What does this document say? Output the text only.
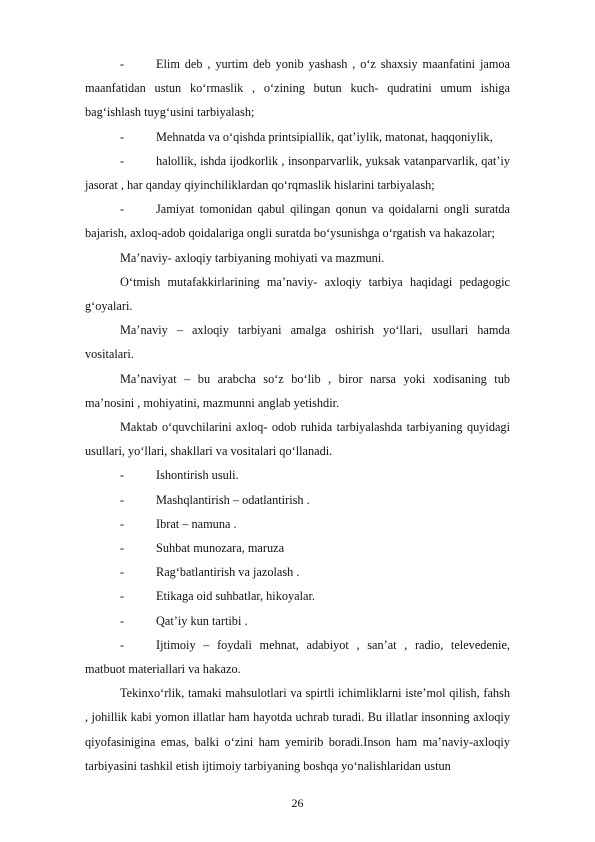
-	Elim deb , yurtim deb yonib yashash , o‘z shaxsiy maanfatini jamoa maanfatidan ustun ko‘rmaslik , o‘zining butun kuch- qudratini umum ishiga bag‘ishlash tuyg‘usini tarbiyalash;
-	Mehnatda va o‘qishda printsipiallik, qat’iylik, matonat, haqqoniylik,
-	halollik, ishda ijodkorlik , insonparvarlik, yuksak vatanparvarlik, qat’iy jasorat , har qanday qiyinchiliklardan qo‘rqmaslik hislarini tarbiyalash;
-	Jamiyat tomonidan qabul qilingan qonun va qoidalarni ongli suratda bajarish, axloq-adob qoidalariga ongli suratda bo‘ysunishga o‘rgatish va hakazolar;

Ma’naviy- axloqiy tarbiyaning mohiyati va mazmuni.

O‘tmish mutafakkirlarining ma’naviy- axloqiy tarbiya haqidagi pedagogic g‘oyalari.

Ma’naviy – axloqiy tarbiyani amalga oshirish yo‘llari, usullari hamda vositalari.

Ma’naviyat – bu arabcha so‘z bo‘lib , biror narsa yoki xodisaning tub ma’nosini , mohiyatini, mazmunni anglab yetishdir.

Maktab o‘quvchilarini axloq- odob ruhida tarbiyalashda tarbiyaning quyidagi usullari, yo‘llari, shakllari va vositalari qo‘llanadi.

-	Ishontirish usuli.
-	Mashqlantirish – odatlantirish .
-	Ibrat – namuna .
-	Suhbat munozara, maruza
-	Rag‘batlantirish va jazolash .
-	Etikaga oid suhbatlar, hikoyalar.
-	Qat’iy kun tartibi .
-	Ijtimoiy – foydali mehnat, adabiyot , san’at , radio, televedenie, matbuot materiallari va hakazo.

Tekinxo‘rlik, tamaki mahsulotlari va spirtli ichimliklarni iste’mol qilish, fahsh , johillik kabi yomon illatlar ham hayotda uchrab turadi. Bu illatlar insonning axloqiy qiyofasinigina emas, balki o‘zini ham yemirib boradi.Inson ham ma’naviy-axloqiy tarbiyasini tashkil etish ijtimoiy tarbiyaning boshqa yo‘nalishlaridan ustun

26
